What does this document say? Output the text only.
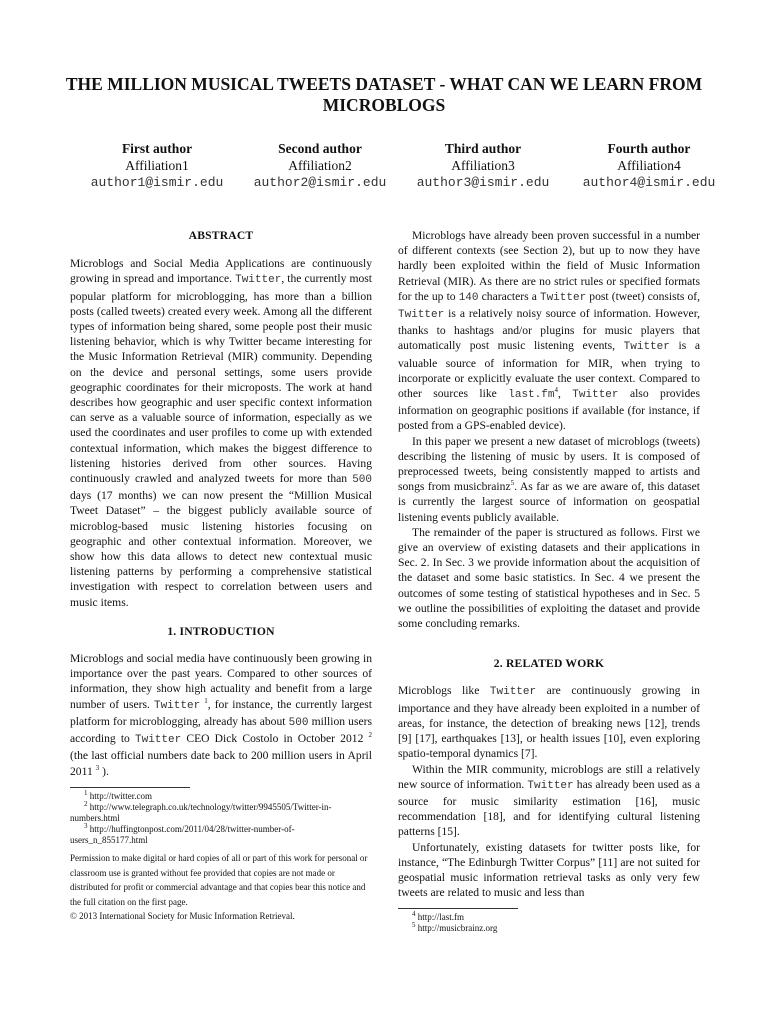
THE MILLION MUSICAL TWEETS DATASET - WHAT CAN WE LEARN FROM MICROBLOGS
First author
Affiliation1
author1@ismir.edu
Second author
Affiliation2
author2@ismir.edu
Third author
Affiliation3
author3@ismir.edu
Fourth author
Affiliation4
author4@ismir.edu
ABSTRACT

Microblogs and Social Media Applications are continuously growing in spread and importance. Twitter, the currently most popular platform for microblogging, has more than a billion posts (called tweets) created every week. Among all the different types of information being shared, some people post their music listening behavior, which is why Twitter became interesting for the Music Information Retrieval (MIR) community. Depending on the device and personal settings, some users provide geographic coordinates for their microposts. The work at hand describes how geographic and user specific context information can serve as a valuable source of information, especially as we used the coordinates and user profiles to come up with extended contextual information, which makes the biggest difference to listening histories derived from other sources. Having continuously crawled and analyzed tweets for more than 500 days (17 months) we can now present the “Million Musical Tweet Dataset” – the biggest publicly available source of microblog-based music listening histories focusing on geographic and other contextual information. Moreover, we show how this data allows to detect new contextual music listening patterns by performing a comprehensive statistical investigation with respect to correlation between users and music items.

1. INTRODUCTION

Microblogs and social media have continuously been growing in importance over the past years. Compared to other sources of information, they show high actuality and benefit from a large number of users. Twitter $^1$, for instance, the currently largest platform for microblogging, already has about 500 million users according to Twitter CEO Dick Costolo in October 2012 $^2$ (the last official numbers date back to 200 million users in April 2011 $^3$ ).

$^1$ http://twitter.com
$^2$ http://www.telegraph.co.uk/technology/twitter/9945505/Twitter-in-numbers.html
$^3$ http://huffingtonpost.com/2011/04/28/twitter-number-of-users_n_855177.html
Permission to make digital or hard copies of all or part of this work for personal or classroom use is granted without fee provided that copies are not made or distributed for profit or commercial advantage and that copies bear this notice and the full citation on the first page.
© 2013 International Society for Music Information Retrieval.

Microblogs have already been proven successful in a number of different contexts (see Section 2), but up to now they have hardly been exploited within the field of Music Information Retrieval (MIR). As there are no strict rules or specified formats for the up to 140 characters a Twitter post (tweet) consists of, Twitter is a relatively noisy source of information. However, thanks to hashtags and/or plugins for music players that automatically post music listening events, Twitter is a valuable source of information for MIR, when trying to incorporate or explicitly evaluate the user context. Compared to other sources like $last.fm^4$, Twitter also provides information on geographic positions if available (for instance, if posted from a GPS-enabled device).

In this paper we present a new dataset of microblogs (tweets) describing the listening of music by users. It is composed of preprocessed tweets, being consistently mapped to artists and songs from musicbrainz$^5$. As far as we are aware of, this dataset is currently the largest source of information on geospatial listening events publicly available.

The remainder of the paper is structured as follows. First we give an overview of existing datasets and their applications in Sec. 2. In Sec. 3 we provide information about the acquisition of the dataset and some basic statistics. In Sec. 4 we present the outcomes of some testing of statistical hypotheses and in Sec. 5 we outline the possibilities of exploiting the dataset and provide some concluding remarks.

2. RELATED WORK

Microblogs like Twitter are continuously growing in importance and they have already been exploited in a number of areas, for instance, the detection of breaking news [12], trends [9] [17], earthquakes [13], or health issues [10], even exploring spatio-temporal dynamics [7].

Within the MIR community, microblogs are still a relatively new source of information. Twitter has already been used as a source for music similarity estimation [16], music recommendation [18], and for identifying cultural listening patterns [15].

Unfortunately, existing datasets for twitter posts like, for instance, “The Edinburgh Twitter Corpus” [11] are not suited for geospatial music information retrieval tasks as only very few tweets are related to music and less than

$^4$ http://last.fm
$^5$ http://musicbrainz.org
